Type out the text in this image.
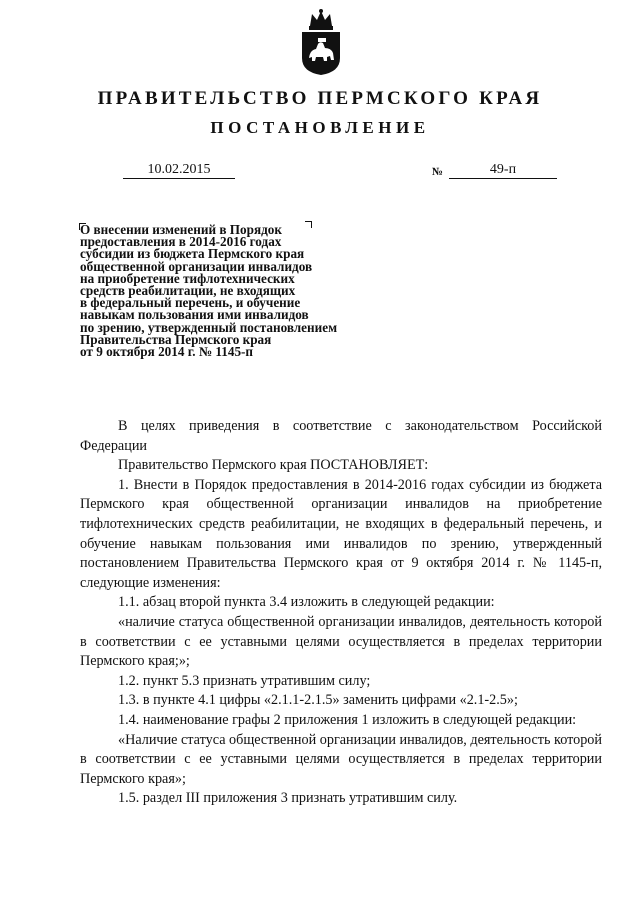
ПРАВИТЕЛЬСТВО ПЕРМСКОГО КРАЯ
ПОСТАНОВЛЕНИЕ
10.02.2015	№	49-п
О внесении изменений в Порядок
предоставления в 2014-2016 годах
субсидии из бюджета Пермского края
общественной организации инвалидов
на приобретение тифлотехнических
средств реабилитации, не входящих
в федеральный перечень, и обучение
навыкам пользования ими инвалидов
по зрению, утвержденный постановлением
Правительства Пермского края
от 9 октября 2014 г. № 1145-п

В целях приведения в соответствие с законодательством Российской Федерации

Правительство Пермского края ПОСТАНОВЛЯЕТ:

1. Внести в Порядок предоставления в 2014-2016 годах субсидии из бюджета Пермского края общественной организации инвалидов на приобретение тифлотехнических средств реабилитации, не входящих в федеральный перечень, и обучение навыкам пользования ими инвалидов по зрению, утвержденный постановлением Правительства Пермского края от 9 октября 2014 г. № 1145-п, следующие изменения:

1.1. абзац второй пункта 3.4 изложить в следующей редакции:

«наличие статуса общественной организации инвалидов, деятельность которой в соответствии с ее уставными целями осуществляется в пределах территории Пермского края;»;

1.2. пункт 5.3 признать утратившим силу;

1.3. в пункте 4.1 цифры «2.1.1-2.1.5» заменить цифрами «2.1-2.5»;

1.4. наименование графы 2 приложения 1 изложить в следующей редакции:

«Наличие статуса общественной организации инвалидов, деятельность которой в соответствии с ее уставными целями осуществляется в пределах территории Пермского края»;

1.5. раздел III приложения 3 признать утратившим силу.
